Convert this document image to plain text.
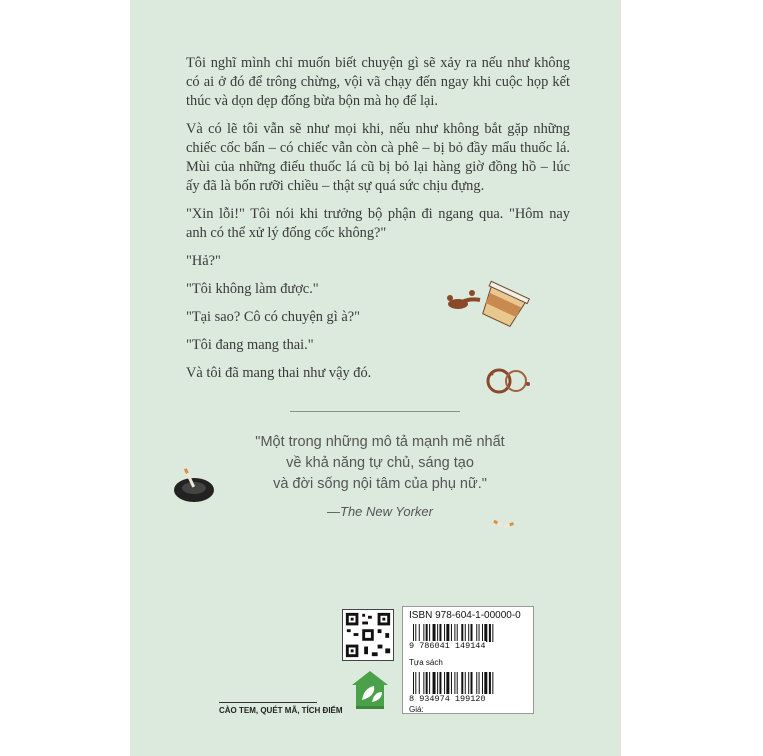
Tôi nghĩ mình chỉ muốn biết chuyện gì sẽ xảy ra nếu như không có ai ở đó để trông chừng, vội vã chạy đến ngay khi cuộc họp kết thúc và dọn dẹp đống bừa bộn mà họ để lại.

Và có lẽ tôi vẫn sẽ như mọi khi, nếu như không bắt gặp những chiếc cốc bẩn – có chiếc vẫn còn cà phê – bị bỏ đầy mẩu thuốc lá. Mùi của những điếu thuốc lá cũ bị bỏ lại hàng giờ đồng hồ – lúc ấy đã là bốn rưỡi chiều – thật sự quá sức chịu đựng.

"Xin lỗi!" Tôi nói khi trưởng bộ phận đi ngang qua. "Hôm nay anh có thể xử lý đống cốc không?"

"Hả?"

"Tôi không làm được."

"Tại sao? Cô có chuyện gì à?"

"Tôi đang mang thai."

Và tôi đã mang thai như vậy đó.

"Một trong những mô tả mạnh mẽ nhất
về khả năng tự chủ, sáng tạo
và đời sống nội tâm của phụ nữ."
—The New Yorker
CÀO TEM, QUÉT MÃ, TÍCH ĐIỂM
ISBN 978-604-1-00000-0
9 786041 149144
Tựa sách
8 934974 199120
Giá:
